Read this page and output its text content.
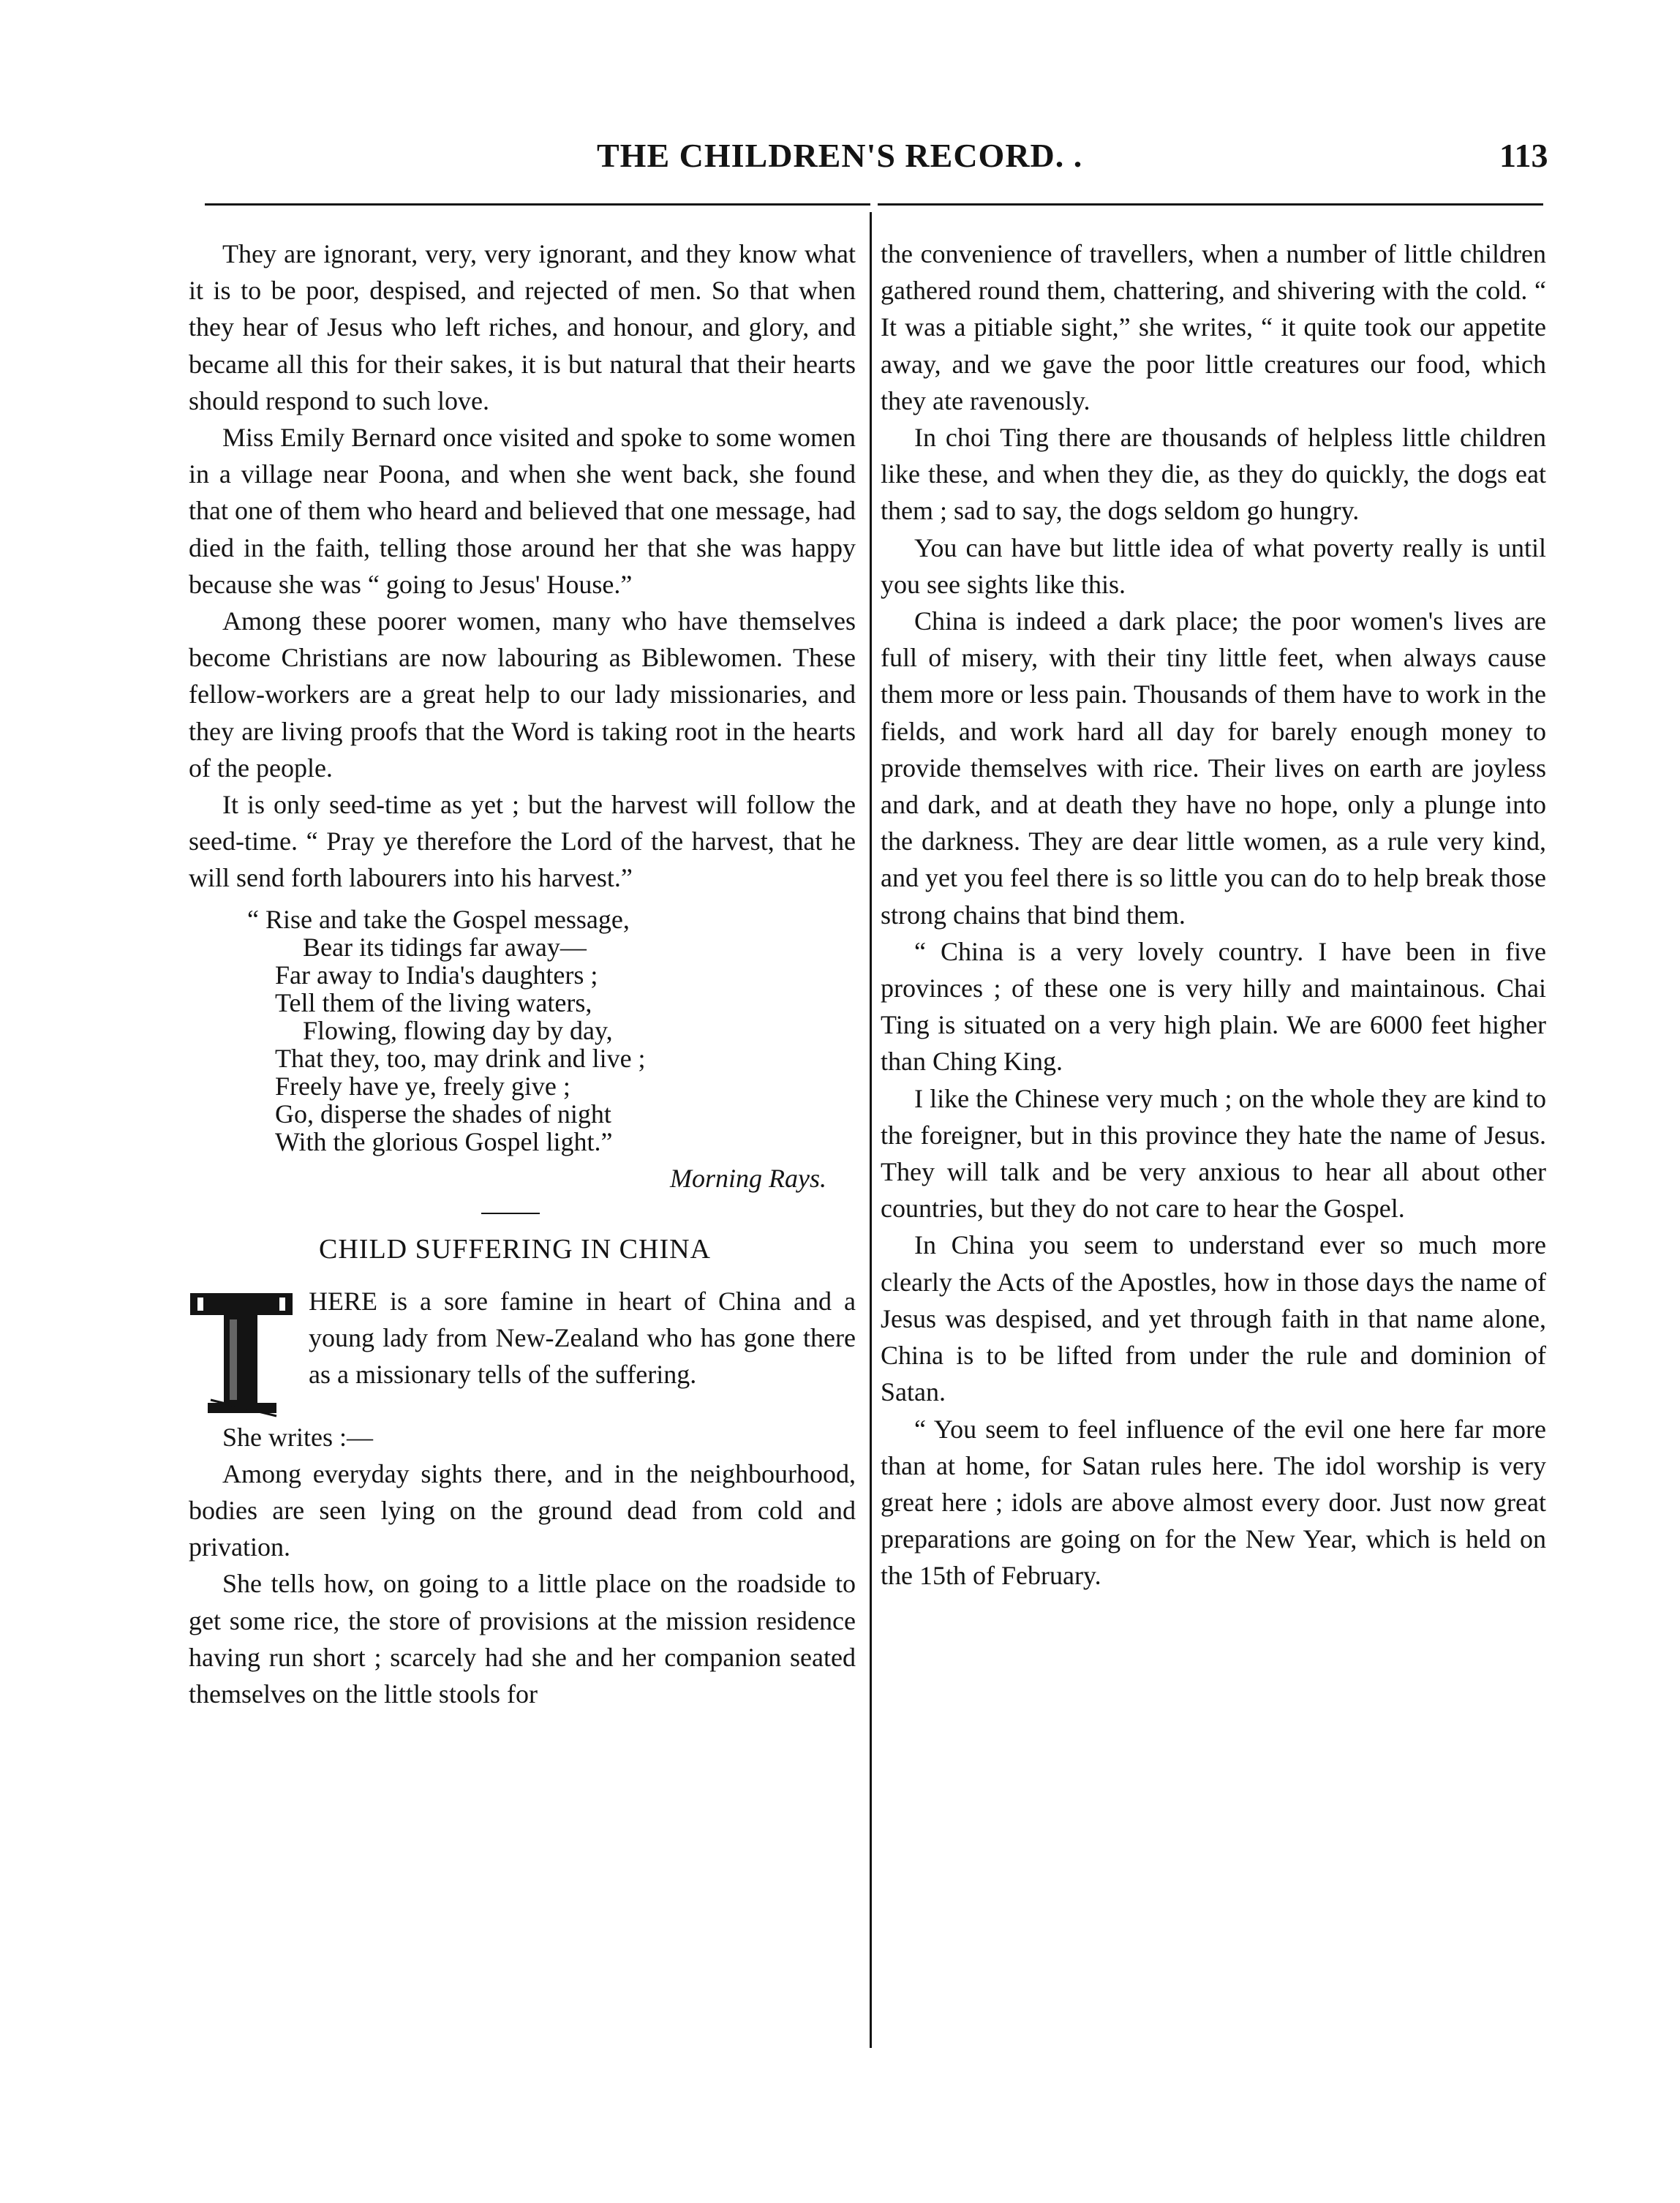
THE CHILDREN'S RECORD. .	113

They are ignorant, very, very ignorant, and they know what it is to be poor, despised, and rejected of men. So that when they hear of Jesus who left riches, and honour, and glory, and became all this for their sakes, it is but natural that their hearts should respond to such love.

Miss Emily Bernard once visited and spoke to some women in a village near Poona, and when she went back, she found that one of them who heard and believed that one message, had died in the faith, telling those around her that she was happy because she was “ going to Jesus' House.”

Among these poorer women, many who have themselves become Christians are now labouring as Biblewomen. These fellow-workers are a great help to our lady missionaries, and they are living proofs that the Word is taking root in the hearts of the people.

It is only seed-time as yet ; but the harvest will follow the seed-time. “ Pray ye therefore the Lord of the harvest, that he will send forth labourers into his harvest.”

“ Rise and take the Gospel message,
Bear its tidings far away—
Far away to India's daughters ;
Tell them of the living waters,
Flowing, flowing day by day,
That they, too, may drink and live ;
Freely have ye, freely give ;
Go, disperse the shades of night
With the glorious Gospel light.”
Morning Rays.
CHILD SUFFERING IN CHINA

HERE is a sore famine in heart of China and a young lady from New-Zealand who has gone there as a missionary tells of the suffering.

She writes :—

Among everyday sights there, and in the neighbourhood, bodies are seen lying on the ground dead from cold and privation.

She tells how, on going to a little place on the roadside to get some rice, the store of provisions at the mission residence having run short ; scarcely had she and her companion seated themselves on the little stools for

the convenience of travellers, when a number of little children gathered round them, chattering, and shivering with the cold. “ It was a pitiable sight,” she writes, “ it quite took our appetite away, and we gave the poor little creatures our food, which they ate ravenously.

In choi Ting there are thousands of helpless little children like these, and when they die, as they do quickly, the dogs eat them ; sad to say, the dogs seldom go hungry.

You can have but little idea of what poverty really is until you see sights like this.

China is indeed a dark place; the poor women's lives are full of misery, with their tiny little feet, when always cause them more or less pain. Thousands of them have to work in the fields, and work hard all day for barely enough money to provide themselves with rice. Their lives on earth are joyless and dark, and at death they have no hope, only a plunge into the darkness. They are dear little women, as a rule very kind, and yet you feel there is so little you can do to help break those strong chains that bind them.

“ China is a very lovely country. I have been in five provinces ; of these one is very hilly and maintainous. Chai Ting is situated on a very high plain. We are 6000 feet higher than Ching King.

I like the Chinese very much ; on the whole they are kind to the foreigner, but in this province they hate the name of Jesus. They will talk and be very anxious to hear all about other countries, but they do not care to hear the Gospel.

In China you seem to understand ever so much more clearly the Acts of the Apostles, how in those days the name of Jesus was despised, and yet through faith in that name alone, China is to be lifted from under the rule and dominion of Satan.

“ You seem to feel influence of the evil one here far more than at home, for Satan rules here. The idol worship is very great here ; idols are above almost every door. Just now great preparations are going on for the New Year, which is held on the 15th of February.
